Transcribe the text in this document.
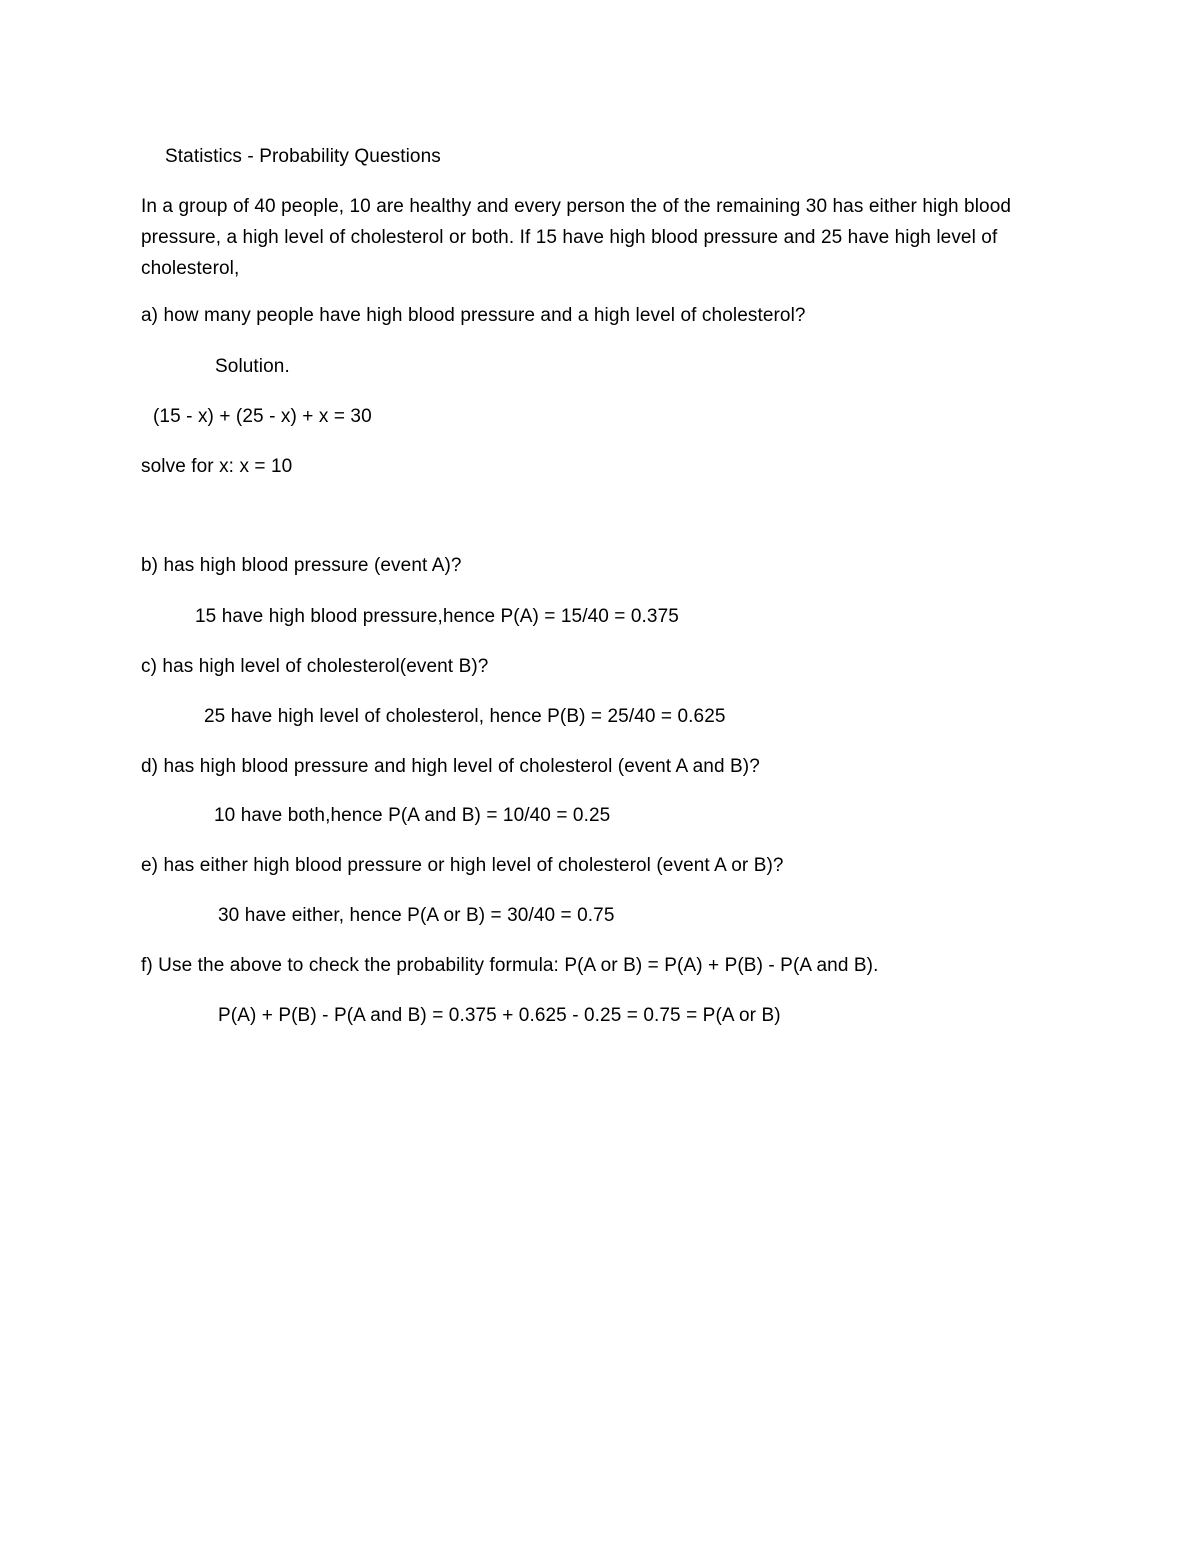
Statistics - Probability Questions
In a group of 40 people, 10 are healthy and every person the of the remaining 30 has either high blood pressure, a high level of cholesterol or both. If 15 have high blood pressure and 25 have high level of cholesterol,
a) how many people have high blood pressure and a high level of cholesterol?
Solution.
(15 - x) + (25 - x) + x = 30
solve for x: x = 10
b) has high blood pressure (event A)?
15 have high blood pressure,hence P(A) = 15/40 = 0.375
c) has high level of cholesterol(event B)?
25 have high level of cholesterol, hence P(B) = 25/40 = 0.625
d) has high blood pressure and high level of cholesterol (event A and B)?
10 have both,hence P(A and B) = 10/40 = 0.25
e) has either high blood pressure or high level of cholesterol (event A or B)?
30 have either, hence P(A or B) = 30/40 = 0.75
f) Use the above to check the probability formula: P(A or B) = P(A) + P(B) - P(A and B).
P(A) + P(B) - P(A and B) = 0.375 + 0.625 - 0.25 = 0.75 = P(A or B)
